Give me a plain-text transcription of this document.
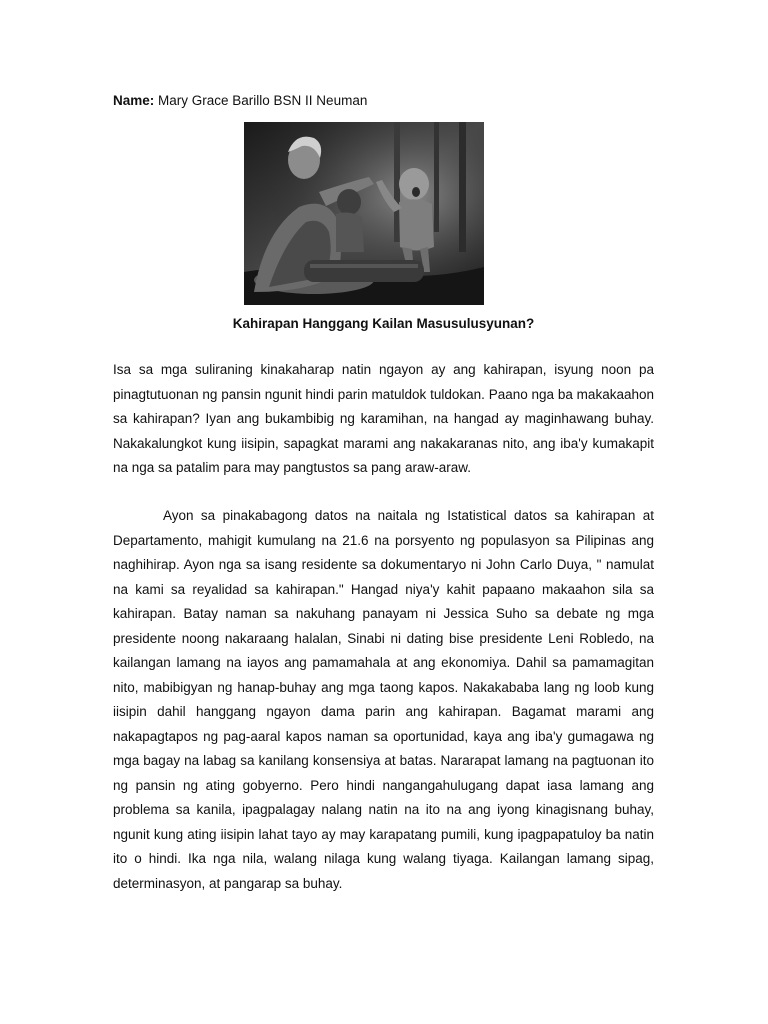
Name: Mary Grace Barillo BSN II Neuman
Kahirapan Hanggang Kailan Masusulusyunan?

Isa sa mga suliraning kinakaharap natin ngayon ay ang kahirapan, isyung noon pa pinagtutuonan ng pansin ngunit hindi parin matuldok tuldokan. Paano nga ba makakaahon sa kahirapan? Iyan ang bukambibig ng karamihan, na hangad ay maginhawang buhay. Nakakalungkot kung iisipin, sapagkat marami ang nakakaranas nito, ang iba'y kumakapit na nga sa patalim para may pangtustos sa pang araw-araw.

Ayon sa pinakabagong datos na naitala ng Istatistical datos sa kahirapan at Departamento, mahigit kumulang na 21.6 na porsyento ng populasyon sa Pilipinas ang naghihirap. Ayon nga sa isang residente sa dokumentaryo ni John Carlo Duya, " namulat na kami sa reyalidad sa kahirapan." Hangad niya'y kahit papaano makaahon sila sa kahirapan. Batay naman sa nakuhang panayam ni Jessica Suho sa debate ng mga presidente noong nakaraang halalan, Sinabi ni dating bise presidente Leni Robledo, na kailangan lamang na iayos ang pamamahala at ang ekonomiya. Dahil sa pamamagitan nito, mabibigyan ng hanap-buhay ang mga taong kapos. Nakakababa lang ng loob kung iisipin dahil hanggang ngayon dama parin ang kahirapan. Bagamat marami ang nakapagtapos ng pag-aaral kapos naman sa oportunidad, kaya ang iba'y gumagawa ng mga bagay na labag sa kanilang konsensiya at batas. Nararapat lamang na pagtuonan ito ng pansin ng ating gobyerno. Pero hindi nangangahulugang dapat iasa lamang ang problema sa kanila, ipagpalagay nalang natin na ito na ang iyong kinagisnang buhay, ngunit kung ating iisipin lahat tayo ay may karapatang pumili, kung ipagpapatuloy ba natin ito o hindi. Ika nga nila, walang nilaga kung walang tiyaga. Kailangan lamang sipag, determinasyon, at pangarap sa buhay.
